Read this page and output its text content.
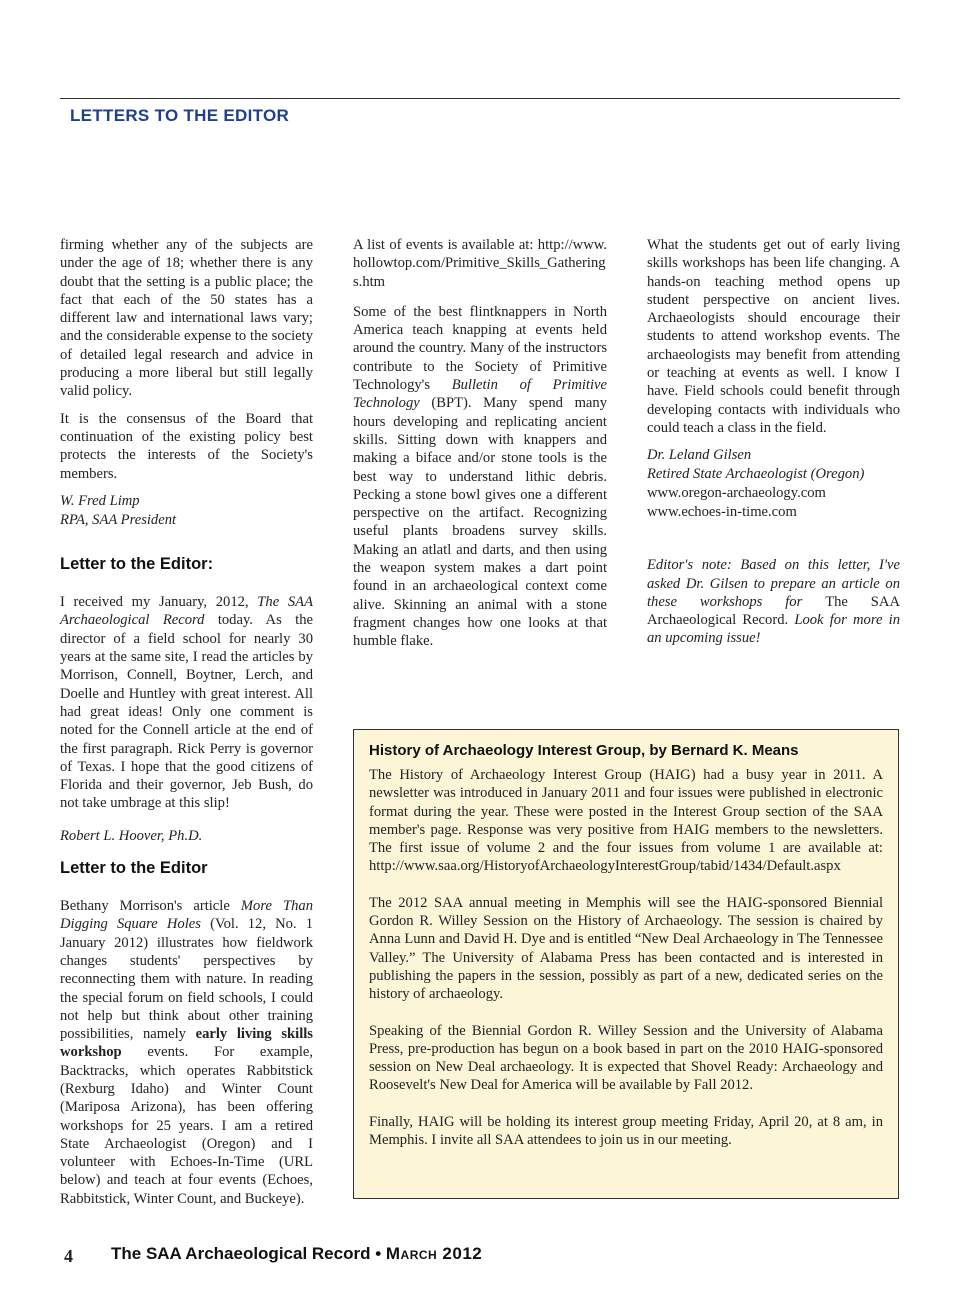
LETTERS TO THE EDITOR

firming whether any of the subjects are under the age of 18; whether there is any doubt that the setting is a public place; the fact that each of the 50 states has a different law and international laws vary; and the considerable expense to the society of detailed legal research and advice in producing a more liberal but still legally valid policy.

It is the consensus of the Board that continuation of the existing policy best protects the interests of the Society's members.

W. Fred Limp
RPA, SAA President
Letter to the Editor:

I received my January, 2012, The SAA Archaeological Record today. As the director of a field school for nearly 30 years at the same site, I read the articles by Morrison, Connell, Boytner, Lerch, and Doelle and Huntley with great interest. All had great ideas! Only one comment is noted for the Connell article at the end of the first paragraph. Rick Perry is governor of Texas. I hope that the good citizens of Florida and their governor, Jeb Bush, do not take umbrage at this slip!

Robert L. Hoover, Ph.D.
Letter to the Editor

Bethany Morrison's article More Than Digging Square Holes (Vol. 12, No. 1 January 2012) illustrates how fieldwork changes students' perspectives by reconnecting them with nature. In reading the special forum on field schools, I could not help but think about other training possibilities, namely early living skills workshop events. For example, Backtracks, which operates Rabbitstick (Rexburg Idaho) and Winter Count (Mariposa Arizona), has been offering workshops for 25 years. I am a retired State Archaeologist (Oregon) and I volunteer with Echoes-In-Time (URL below) and teach at four events (Echoes, Rabbitstick, Winter Count, and Buckeye).

A list of events is available at: http://www.hollowtop.com/Primitive_Skills_Gatherings.htm

Some of the best flintknappers in North America teach knapping at events held around the country. Many of the instructors contribute to the Society of Primitive Technology's Bulletin of Primitive Technology (BPT). Many spend many hours developing and replicating ancient skills. Sitting down with knappers and making a biface and/or stone tools is the best way to understand lithic debris. Pecking a stone bowl gives one a different perspective on the artifact. Recognizing useful plants broadens survey skills. Making an atlatl and darts, and then using the weapon system makes a dart point found in an archaeological context come alive. Skinning an animal with a stone fragment changes how one looks at that humble flake.

What the students get out of early living skills workshops has been life changing. A hands-on teaching method opens up student perspective on ancient lives. Archaeologists should encourage their students to attend workshop events. The archaeologists may benefit from attending or teaching at events as well. I know I have. Field schools could benefit through developing contacts with individuals who could teach a class in the field.

Dr. Leland Gilsen
Retired State Archaeologist (Oregon)
www.oregon-archaeology.com
www.echoes-in-time.com

Editor's note: Based on this letter, I've asked Dr. Gilsen to prepare an article on these workshops for The SAA Archaeological Record. Look for more in an upcoming issue!

History of Archaeology Interest Group, by Bernard K. Means

The History of Archaeology Interest Group (HAIG) had a busy year in 2011. A newsletter was introduced in January 2011 and four issues were published in electronic format during the year. These were posted in the Interest Group section of the SAA member's page. Response was very positive from HAIG members to the newsletters. The first issue of volume 2 and the four issues from volume 1 are available at: http://www.saa.org/HistoryofArchaeologyInterestGroup/tabid/1434/Default.aspx

The 2012 SAA annual meeting in Memphis will see the HAIG-sponsored Biennial Gordon R. Willey Session on the History of Archaeology. The session is chaired by Anna Lunn and David H. Dye and is entitled “New Deal Archaeology in The Tennessee Valley.” The University of Alabama Press has been contacted and is interested in publishing the papers in the session, possibly as part of a new, dedicated series on the history of archaeology.

Speaking of the Biennial Gordon R. Willey Session and the University of Alabama Press, pre-production has begun on a book based in part on the 2010 HAIG-sponsored session on New Deal archaeology. It is expected that Shovel Ready: Archaeology and Roosevelt's New Deal for America will be available by Fall 2012.

Finally, HAIG will be holding its interest group meeting Friday, April 20, at 8 am, in Memphis. I invite all SAA attendees to join us in our meeting.

4 The SAA Archaeological Record • March 2012
